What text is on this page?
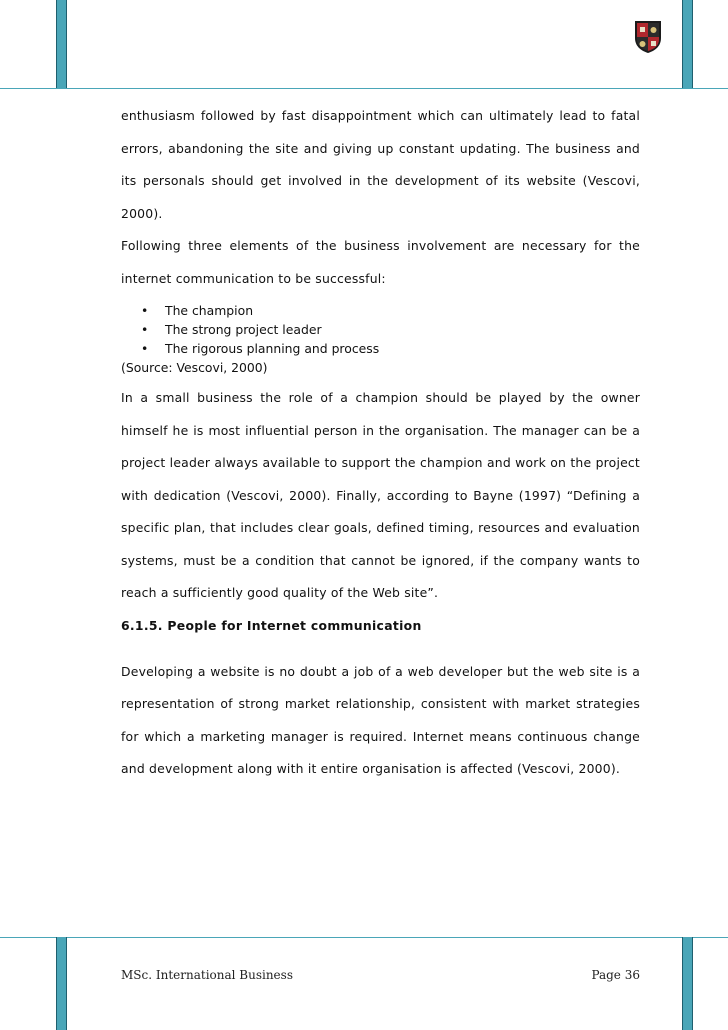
enthusiasm followed by fast disappointment which can ultimately lead to fatal errors, abandoning the site and giving up constant updating. The business and its personals should get involved in the development of its website (Vescovi, 2000).

Following three elements of the business involvement are necessary for the internet communication to be successful:

• The champion
• The strong project leader
• The rigorous planning and process
(Source: Vescovi, 2000)

In a small business the role of a champion should be played by the owner himself he is most influential person in the organisation. The manager can be a project leader always available to support the champion and work on the project with dedication (Vescovi, 2000). Finally, according to Bayne (1997) “Defining a specific plan, that includes clear goals, defined timing, resources and evaluation systems, must be a condition that cannot be ignored, if the company wants to reach a sufficiently good quality of the Web site”.

6.1.5. People for Internet communication

Developing a website is no doubt a job of a web developer but the web site is a representation of strong market relationship, consistent with market strategies for which a marketing manager is required. Internet means continuous change and development along with it entire organisation is affected (Vescovi, 2000).

MSc. International Business	Page 36
